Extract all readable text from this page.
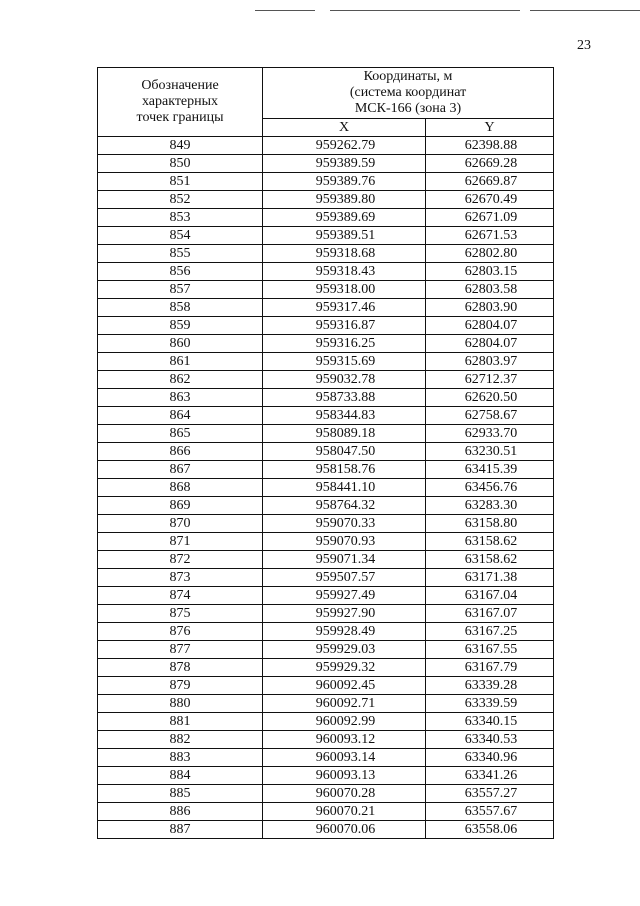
23
Обозначение
характерных
точек границы	Координаты, м
(система координат
МСК-166 (зона 3)	

	X	Y
849	959262.79	62398.88
850	959389.59	62669.28
851	959389.76	62669.87
852	959389.80	62670.49
853	959389.69	62671.09
854	959389.51	62671.53
855	959318.68	62802.80
856	959318.43	62803.15
857	959318.00	62803.58
858	959317.46	62803.90
859	959316.87	62804.07
860	959316.25	62804.07
861	959315.69	62803.97
862	959032.78	62712.37
863	958733.88	62620.50
864	958344.83	62758.67
865	958089.18	62933.70
866	958047.50	63230.51
867	958158.76	63415.39
868	958441.10	63456.76
869	958764.32	63283.30
870	959070.33	63158.80
871	959070.93	63158.62
872	959071.34	63158.62
873	959507.57	63171.38
874	959927.49	63167.04
875	959927.90	63167.07
876	959928.49	63167.25
877	959929.03	63167.55
878	959929.32	63167.79
879	960092.45	63339.28
880	960092.71	63339.59
881	960092.99	63340.15
882	960093.12	63340.53
883	960093.14	63340.96
884	960093.13	63341.26
885	960070.28	63557.27
886	960070.21	63557.67
887	960070.06	63558.06
